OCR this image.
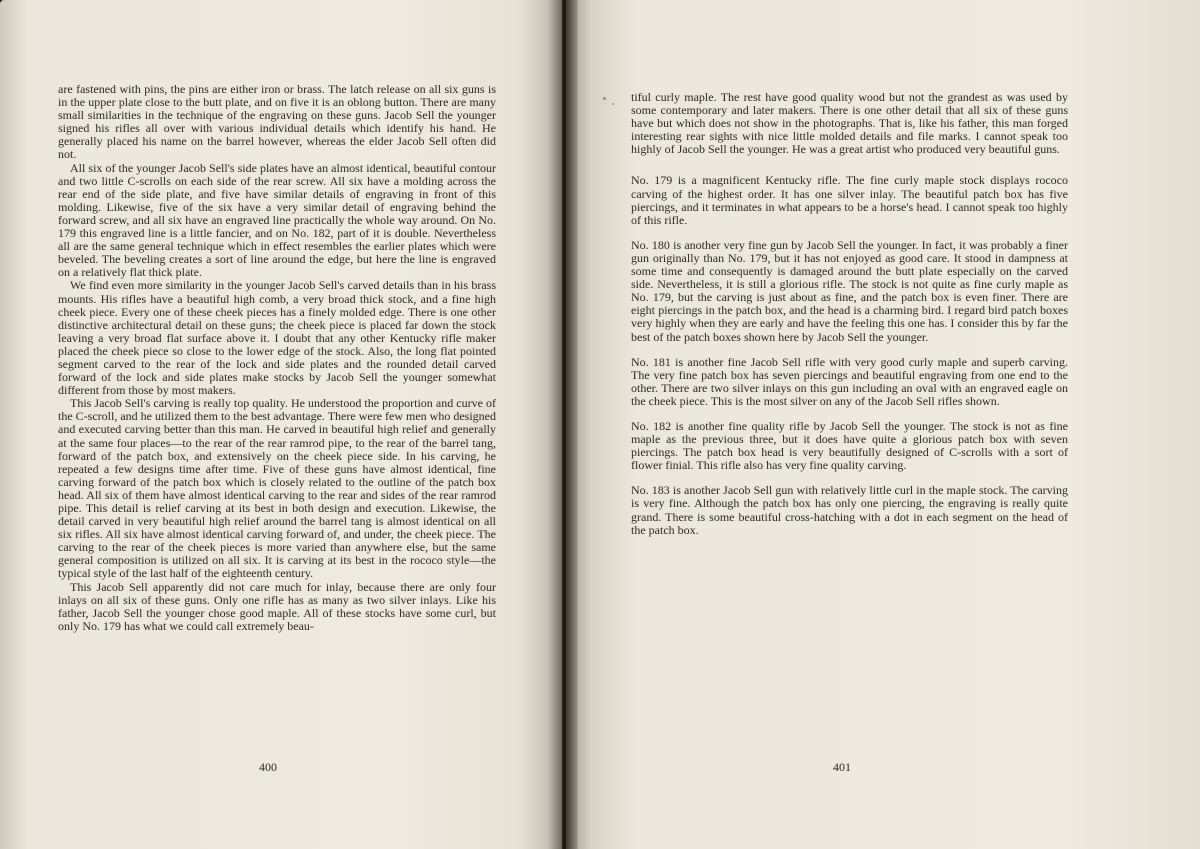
are fastened with pins, the pins are either iron or brass. The latch release on all six guns is in the upper plate close to the butt plate, and on five it is an oblong button. There are many small similarities in the technique of the engraving on these guns. Jacob Sell the younger signed his rifles all over with various individual details which identify his hand. He generally placed his name on the barrel however, whereas the elder Jacob Sell often did not.

All six of the younger Jacob Sell's side plates have an almost identical, beautiful contour and two little C-scrolls on each side of the rear screw. All six have a molding across the rear end of the side plate, and five have similar details of engraving in front of this molding. Likewise, five of the six have a very similar detail of engraving behind the forward screw, and all six have an engraved line practically the whole way around. On No. 179 this engraved line is a little fancier, and on No. 182, part of it is double. Nevertheless all are the same general technique which in effect resembles the earlier plates which were beveled. The beveling creates a sort of line around the edge, but here the line is engraved on a relatively flat thick plate.

We find even more similarity in the younger Jacob Sell's carved details than in his brass mounts. His rifles have a beautiful high comb, a very broad thick stock, and a fine high cheek piece. Every one of these cheek pieces has a finely molded edge. There is one other distinctive architectural detail on these guns; the cheek piece is placed far down the stock leaving a very broad flat surface above it. I doubt that any other Kentucky rifle maker placed the cheek piece so close to the lower edge of the stock. Also, the long flat pointed segment carved to the rear of the lock and side plates and the rounded detail carved forward of the lock and side plates make stocks by Jacob Sell the younger somewhat different from those by most makers.

This Jacob Sell's carving is really top quality. He understood the proportion and curve of the C-scroll, and he utilized them to the best advantage. There were few men who designed and executed carving better than this man. He carved in beautiful high relief and generally at the same four places—to the rear of the rear ramrod pipe, to the rear of the barrel tang, forward of the patch box, and extensively on the cheek piece side. In his carving, he repeated a few designs time after time. Five of these guns have almost identical, fine carving forward of the patch box which is closely related to the outline of the patch box head. All six of them have almost identical carving to the rear and sides of the rear ramrod pipe. This detail is relief carving at its best in both design and execution. Likewise, the detail carved in very beautiful high relief around the barrel tang is almost identical on all six rifles. All six have almost identical carving forward of, and under, the cheek piece. The carving to the rear of the cheek pieces is more varied than anywhere else, but the same general composition is utilized on all six. It is carving at its best in the rococo style—the typical style of the last half of the eighteenth century.

This Jacob Sell apparently did not care much for inlay, because there are only four inlays on all six of these guns. Only one rifle has as many as two silver inlays. Like his father, Jacob Sell the younger chose good maple. All of these stocks have some curl, but only No. 179 has what we could call extremely beau-

400

tiful curly maple. The rest have good quality wood but not the grandest as was used by some contemporary and later makers. There is one other detail that all six of these guns have but which does not show in the photographs. That is, like his father, this man forged interesting rear sights with nice little molded details and file marks. I cannot speak too highly of Jacob Sell the younger. He was a great artist who produced very beautiful guns.

No. 179 is a magnificent Kentucky rifle. The fine curly maple stock displays rococo carving of the highest order. It has one silver inlay. The beautiful patch box has five piercings, and it terminates in what appears to be a horse's head. I cannot speak too highly of this rifle.

No. 180 is another very fine gun by Jacob Sell the younger. In fact, it was probably a finer gun originally than No. 179, but it has not enjoyed as good care. It stood in dampness at some time and consequently is damaged around the butt plate especially on the carved side. Nevertheless, it is still a glorious rifle. The stock is not quite as fine curly maple as No. 179, but the carving is just about as fine, and the patch box is even finer. There are eight piercings in the patch box, and the head is a charming bird. I regard bird patch boxes very highly when they are early and have the feeling this one has. I consider this by far the best of the patch boxes shown here by Jacob Sell the younger.

No. 181 is another fine Jacob Sell rifle with very good curly maple and superb carving. The very fine patch box has seven piercings and beautiful engraving from one end to the other. There are two silver inlays on this gun including an oval with an engraved eagle on the cheek piece. This is the most silver on any of the Jacob Sell rifles shown.

No. 182 is another fine quality rifle by Jacob Sell the younger. The stock is not as fine maple as the previous three, but it does have quite a glorious patch box with seven piercings. The patch box head is very beautifully designed of C-scrolls with a sort of flower finial. This rifle also has very fine quality carving.

No. 183 is another Jacob Sell gun with relatively little curl in the maple stock. The carving is very fine. Although the patch box has only one piercing, the engraving is really quite grand. There is some beautiful cross-hatching with a dot in each segment on the head of the patch box.

401
